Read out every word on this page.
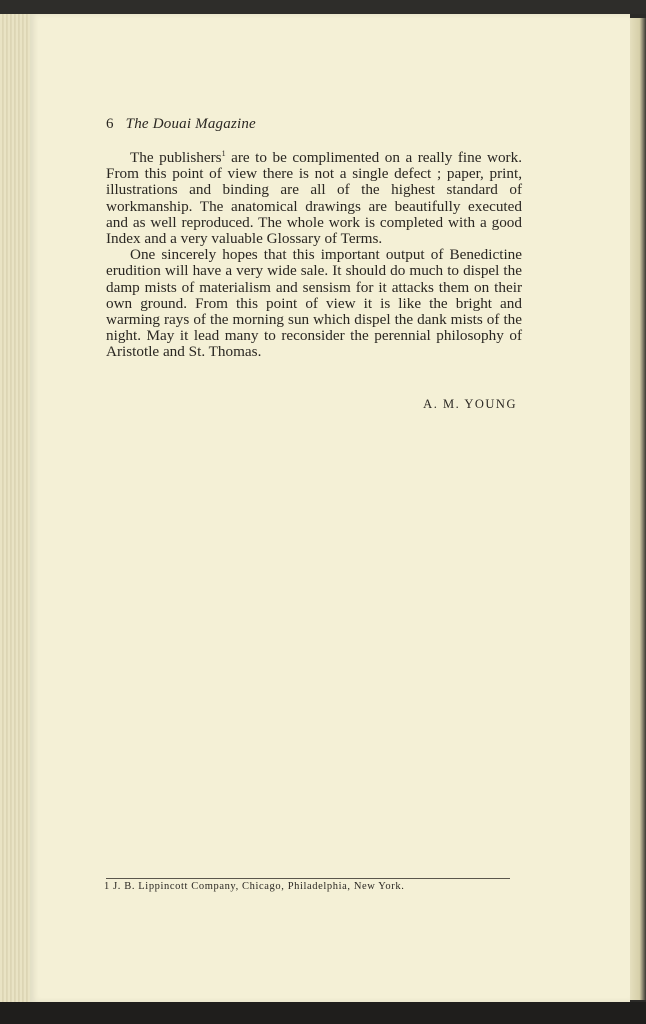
6 The Douai Magazine

The publishers$^1$ are to be complimented on a really fine work. From this point of view there is not a single defect ; paper, print, illustrations and binding are all of the highest standard of workmanship. The anatomical drawings are beautifully executed and as well reproduced. The whole work is completed with a good Index and a very valuable Glossary of Terms.

One sincerely hopes that this important output of Benedictine erudition will have a very wide sale. It should do much to dispel the damp mists of materialism and sensism for it attacks them on their own ground. From this point of view it is like the bright and warming rays of the morning sun which dispel the dank mists of the night. May it lead many to reconsider the perennial philosophy of Aristotle and St. Thomas.

A. M. YOUNG
1 J. B. Lippincott Company, Chicago, Philadelphia, New York.
